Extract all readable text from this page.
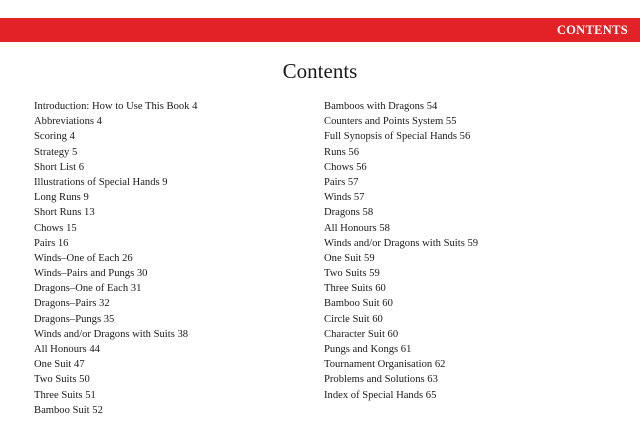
CONTENTS
Contents
Introduction: How to Use This Book 4
Abbreviations 4
Scoring 4
Strategy 5
Short List 6
Illustrations of Special Hands 9
Long Runs 9
Short Runs 13
Chows 15
Pairs 16
Winds–One of Each 26
Winds–Pairs and Pungs 30
Dragons–One of Each 31
Dragons–Pairs 32
Dragons–Pungs 35
Winds and/or Dragons with Suits 38
All Honours 44
One Suit 47
Two Suits 50
Three Suits 51
Bamboo Suit 52
Bamboos with Dragons 54
Counters and Points System 55
Full Synopsis of Special Hands 56
Runs 56
Chows 56
Pairs 57
Winds 57
Dragons 58
All Honours 58
Winds and/or Dragons with Suits 59
One Suit 59
Two Suits 59
Three Suits 60
Bamboo Suit 60
Circle Suit 60
Character Suit 60
Pungs and Kongs 61
Tournament Organisation 62
Problems and Solutions 63
Index of Special Hands 65
